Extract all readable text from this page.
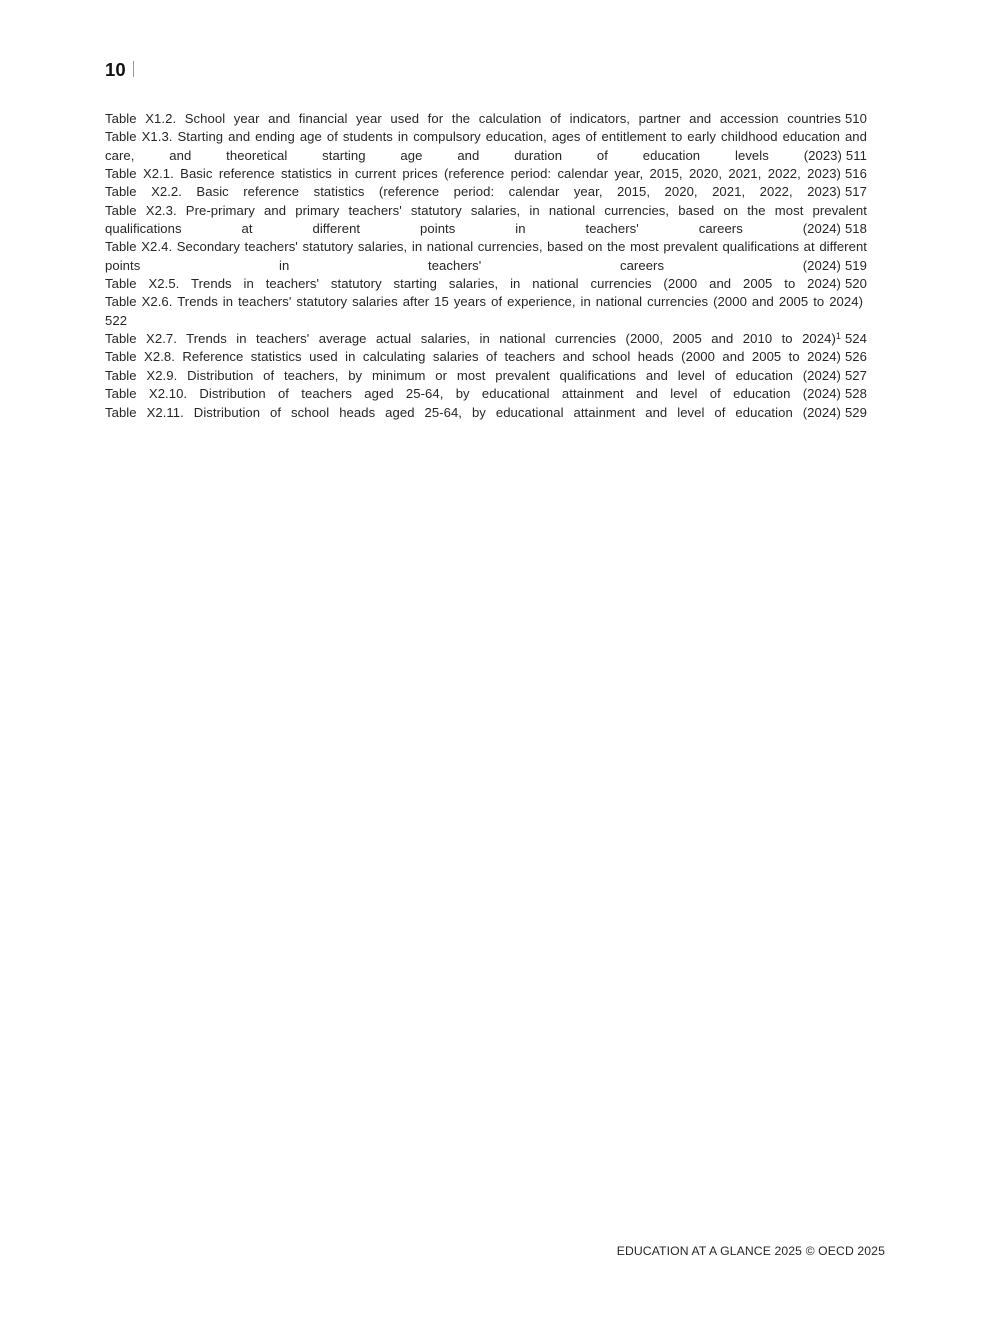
10
Table X1.2. School year and financial year used for the calculation of indicators, partner and accession countries 510
Table X1.3. Starting and ending age of students in compulsory education, ages of entitlement to early childhood education and care, and theoretical starting age and duration of education levels (2023) 511
Table X2.1. Basic reference statistics in current prices (reference period: calendar year, 2015, 2020, 2021, 2022, 2023) 516
Table X2.2. Basic reference statistics (reference period: calendar year, 2015, 2020, 2021, 2022, 2023) 517
Table X2.3. Pre-primary and primary teachers' statutory salaries, in national currencies, based on the most prevalent qualifications at different points in teachers' careers (2024) 518
Table X2.4. Secondary teachers' statutory salaries, in national currencies, based on the most prevalent qualifications at different points in teachers' careers (2024) 519
Table X2.5. Trends in teachers' statutory starting salaries, in national currencies (2000 and 2005 to 2024) 520
Table X2.6. Trends in teachers' statutory salaries after 15 years of experience, in national currencies (2000 and 2005 to 2024) 522
Table X2.7. Trends in teachers' average actual salaries, in national currencies (2000, 2005 and 2010 to 2024)$^1$ 524
Table X2.8. Reference statistics used in calculating salaries of teachers and school heads (2000 and 2005 to 2024) 526
Table X2.9. Distribution of teachers, by minimum or most prevalent qualifications and level of education (2024) 527
Table X2.10. Distribution of teachers aged 25-64, by educational attainment and level of education (2024) 528
Table X2.11. Distribution of school heads aged 25-64, by educational attainment and level of education (2024) 529
EDUCATION AT A GLANCE 2025 © OECD 2025
